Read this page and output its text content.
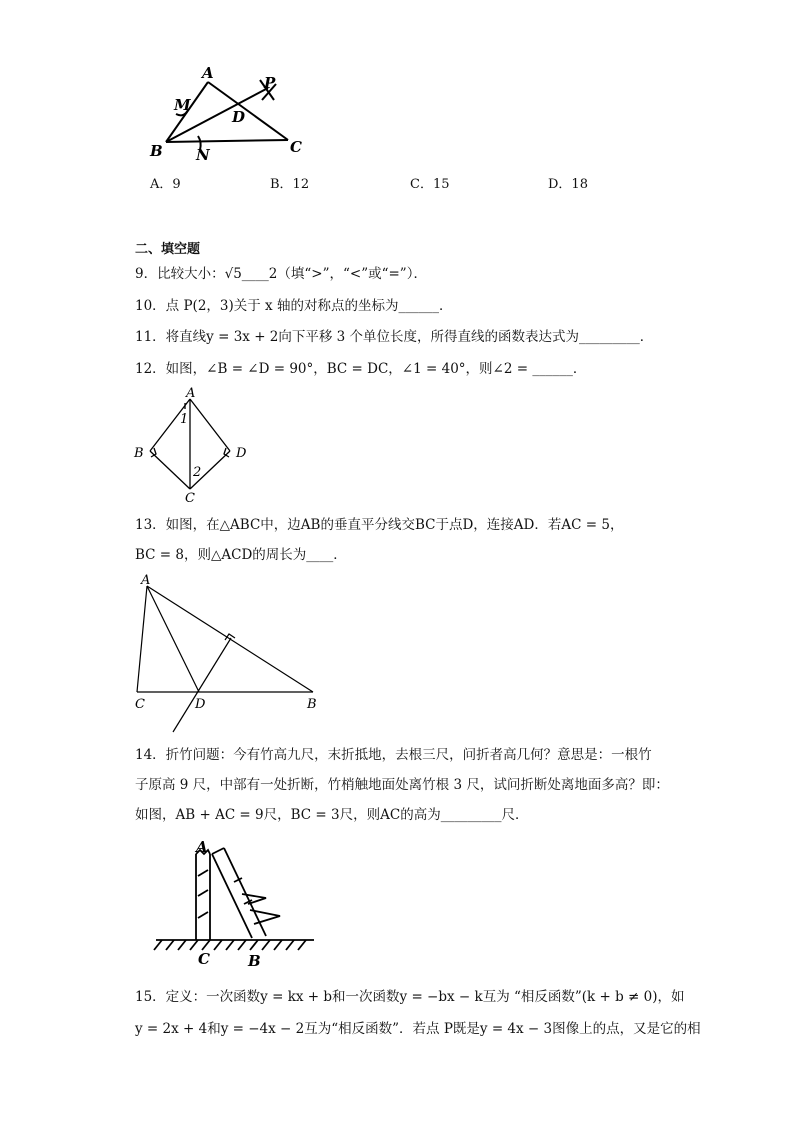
A
B	C
D
M
N
P
A．9	B．12	C．15	D．18
二、填空题
9．比较大小：√5____2（填“>”，“<”或“=”）．
10．点 P(2，3)关于 x 轴的对称点的坐标为______．
11．将直线y = 3x + 2向下平移 3 个单位长度，所得直线的函数表达式为_________．
12．如图，∠B = ∠D = 90°，BC = DC，∠1 = 40°，则∠2 = ______．
A
B
C
D
1
2
13．如图，在△ABC中，边AB的垂直平分线交BC于点D，连接AD．若AC = 5，
BC = 8，则△ACD的周长为____．
A
C	D	B
14．折竹问题：今有竹高九尺，末折抵地，去根三尺，问折者高几何？意思是：一根竹
子原高 9 尺，中部有一处折断，竹梢触地面处离竹根 3 尺，试问折断处离地面多高？即：
如图，AB + AC = 9尺，BC = 3尺，则AC的高为_________尺．
A
C	B
15．定义：一次函数y = kx + b和一次函数y = −bx − k互为 “相反函数”(k + b ≠ 0)，如
y = 2x + 4和y = −4x − 2互为“相反函数”．若点 P既是y = 4x − 3图像上的点，又是它的相
